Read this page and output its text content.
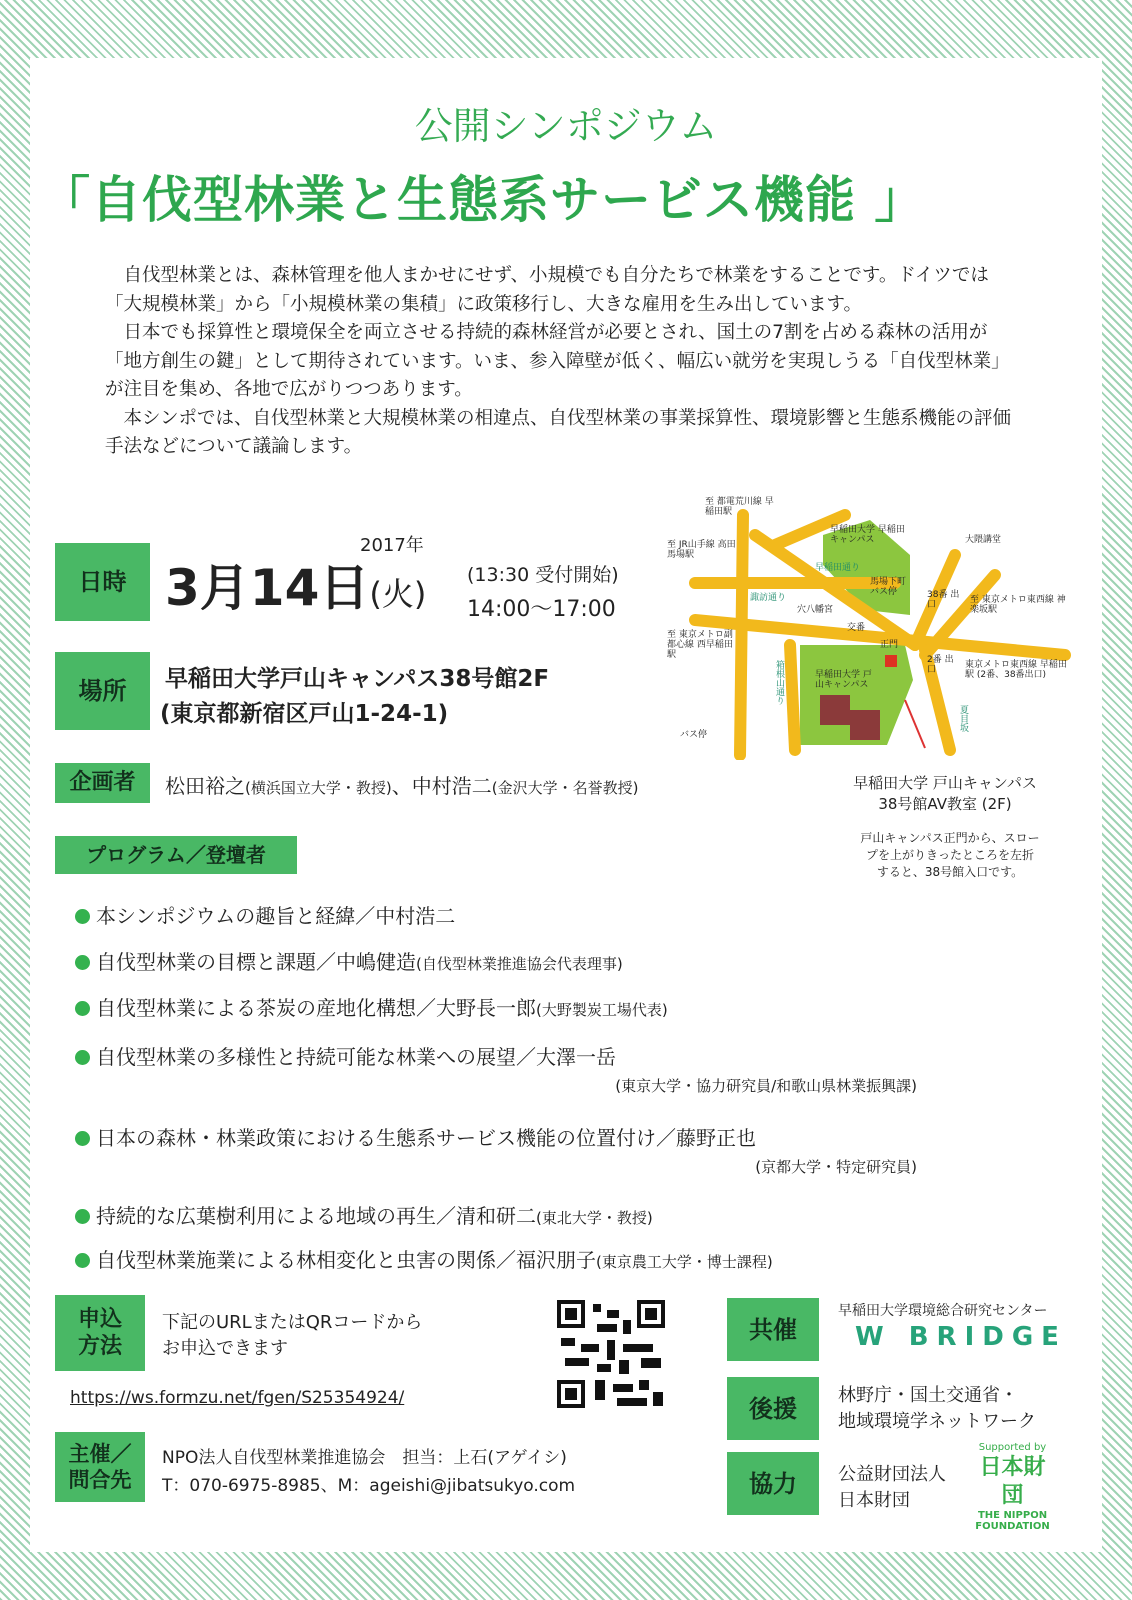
公開シンポジウム
「自伐型林業と生態系サービス機能 」

自伐型林業とは、森林管理を他人まかせにせず、小規模でも自分たちで林業をすることです。ドイツでは「大規模林業」から「小規模林業の集積」に政策移行し、大きな雇用を生み出しています。

日本でも採算性と環境保全を両立させる持続的森林経営が必要とされ、国土の7割を占める森林の活用が「地方創生の鍵」として期待されています。いま、参入障壁が低く、幅広い就労を実現しうる「自伐型林業」が注目を集め、各地で広がりつつあります。

本シンポでは、自伐型林業と大規模林業の相違点、自伐型林業の事業採算性、環境影響と生態系機能の評価手法などについて議論します。

日時 3月14日(火)
2017年
(13:30 受付開始)
14:00～17:00
場所	早稲田大学戸山キャンパス38号館2F
(東京都新宿区戸山1-24-1)
企画者	松田裕之(横浜国立大学・教授)、中村浩二(金沢大学・名誉教授)
至 都電荒川線 早稲田駅
至 JR山手線 高田馬場駅
至 東京メトロ副都心線 西早稲田駅
早稲田大学 早稲田キャンパス	大隈講堂
早稲田通り
馬場下町 バス停
諏訪通り
穴八幡宮
交番
38番 出口	至 東京メトロ東西線 神楽坂駅
正門
2番 出口	東京メトロ東西線 早稲田駅 (2番、38番出口)
箱根山通り	早稲田大学 戸山キャンパス
バス停
夏目坂
早稲田大学 戸山キャンパス
38号館AV教室 (2F)
戸山キャンパス正門から、スロープを上がりきったところを左折すると、38号館入口です。
プログラム／登壇者
本シンポジウムの趣旨と経緯／中村浩二
自伐型林業の目標と課題／中嶋健造(自伐型林業推進協会代表理事)
自伐型林業による茶炭の産地化構想／大野長一郎(大野製炭工場代表)
自伐型林業の多様性と持続可能な林業への展望／大澤一岳
(東京大学・協力研究員/和歌山県林業振興課)
日本の森林・林業政策における生態系サービス機能の位置付け／藤野正也
(京都大学・特定研究員)
持続的な広葉樹利用による地域の再生／清和研二(東北大学・教授)
自伐型林業施業による林相変化と虫害の関係／福沢朋子(東京農工大学・博士課程)
申込方法
下記のURLまたはQRコードから
お申込できます
https://ws.formzu.net/fgen/S25354924/
主催／問合先
NPO法人自伐型林業推進協会　担当：上石(アゲイシ)
T：070-6975-8985、M：ageishi@jibatsukyo.com
共催
早稲田大学環境総合研究センター
W BRIDGE
後援	林野庁・国土交通省・
地域環境学ネットワーク
協力	公益財団法人
日本財団
Supported by
日本財団
THE NIPPON FOUNDATION
